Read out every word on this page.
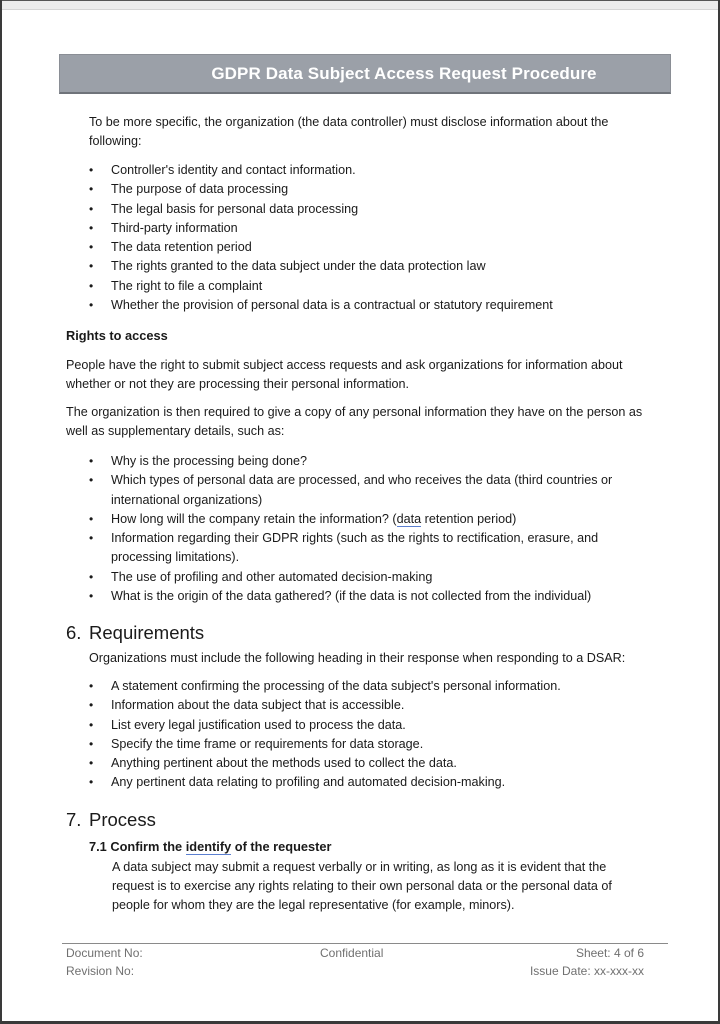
GDPR Data Subject Access Request Procedure
To be more specific, the organization (the data controller) must disclose information about the
following:
• Controller's identity and contact information.
• The purpose of data processing
• The legal basis for personal data processing
• Third-party information
• The data retention period
• The rights granted to the data subject under the data protection law
• The right to file a complaint
• Whether the provision of personal data is a contractual or statutory requirement
Rights to access
People have the right to submit subject access requests and ask organizations for information about
whether or not they are processing their personal information.
The organization is then required to give a copy of any personal information they have on the person as
well as supplementary details, such as:
• Why is the processing being done?
• Which types of personal data are processed, and who receives the data (third countries or
international organizations)
• How long will the company retain the information? (data retention period)
• Information regarding their GDPR rights (such as the rights to rectification, erasure, and
processing limitations).
• The use of profiling and other automated decision-making
• What is the origin of the data gathered? (if the data is not collected from the individual)
6. Requirements
Organizations must include the following heading in their response when responding to a DSAR:
• A statement confirming the processing of the data subject's personal information.
• Information about the data subject that is accessible.
• List every legal justification used to process the data.
• Specify the time frame or requirements for data storage.
• Anything pertinent about the methods used to collect the data.
• Any pertinent data relating to profiling and automated decision-making.
7. Process
7.1 Confirm the identify of the requester
A data subject may submit a request verbally or in writing, as long as it is evident that the
request is to exercise any rights relating to their own personal data or the personal data of
people for whom they are the legal representative (for example, minors).
Document No:
Revision No:
Confidential	Sheet: 4 of 6
Issue Date: xx-xxx-xx
